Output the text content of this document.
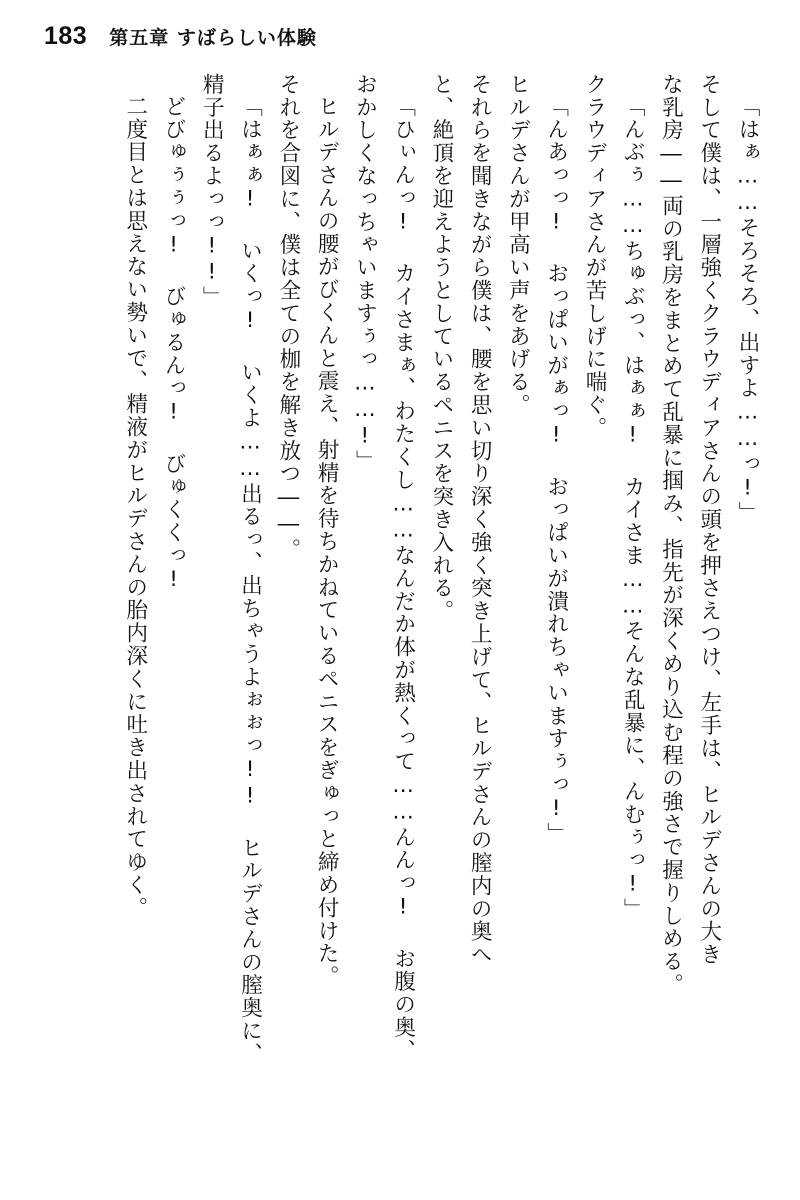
183 第五章 すばらしい体験
「はぁ……そろそろ、出すよ……っ!」
そして僕は、一層強くクラウディアさんの頭を押さえつけ、左手は、ヒルデさんの大き
な乳房――両の乳房をまとめて乱暴に掴み、指先が深くめり込む程の強さで握りしめる。
「んぶぅ……ちゅぶっ、はぁぁ! カイさま……そんな乱暴に、んむぅっ!」
クラウディアさんが苦しげに喘ぐ。
「んあっっ! おっぱいがぁっ! おっぱいが潰れちゃいますぅっ!」
ヒルデさんが甲高い声をあげる。
それらを聞きながら僕は、腰を思い切り深く強く突き上げて、ヒルデさんの膣内の奥へ
と、絶頂を迎えようとしているペニスを突き入れる。
「ひぃんっ! カイさまぁ、わたくし……なんだか体が熱くって……んんっ! お腹の奥、
おかしくなっちゃいますぅっ……!」
ヒルデさんの腰がびくんと震え、射精を待ちかねているペニスをぎゅっと締め付けた。
それを合図に、僕は全ての枷を解き放つ――。
「はぁぁ! いくっ! いくよ……出るっ、出ちゃうよぉぉっ!! ヒルデさんの膣奥に、
精子出るよっっ!!」
どびゅぅぅっ! びゅるんっ! びゅくくっ!
二度目とは思えない勢いで、精液がヒルデさんの胎内深くに吐き出されてゆく。
